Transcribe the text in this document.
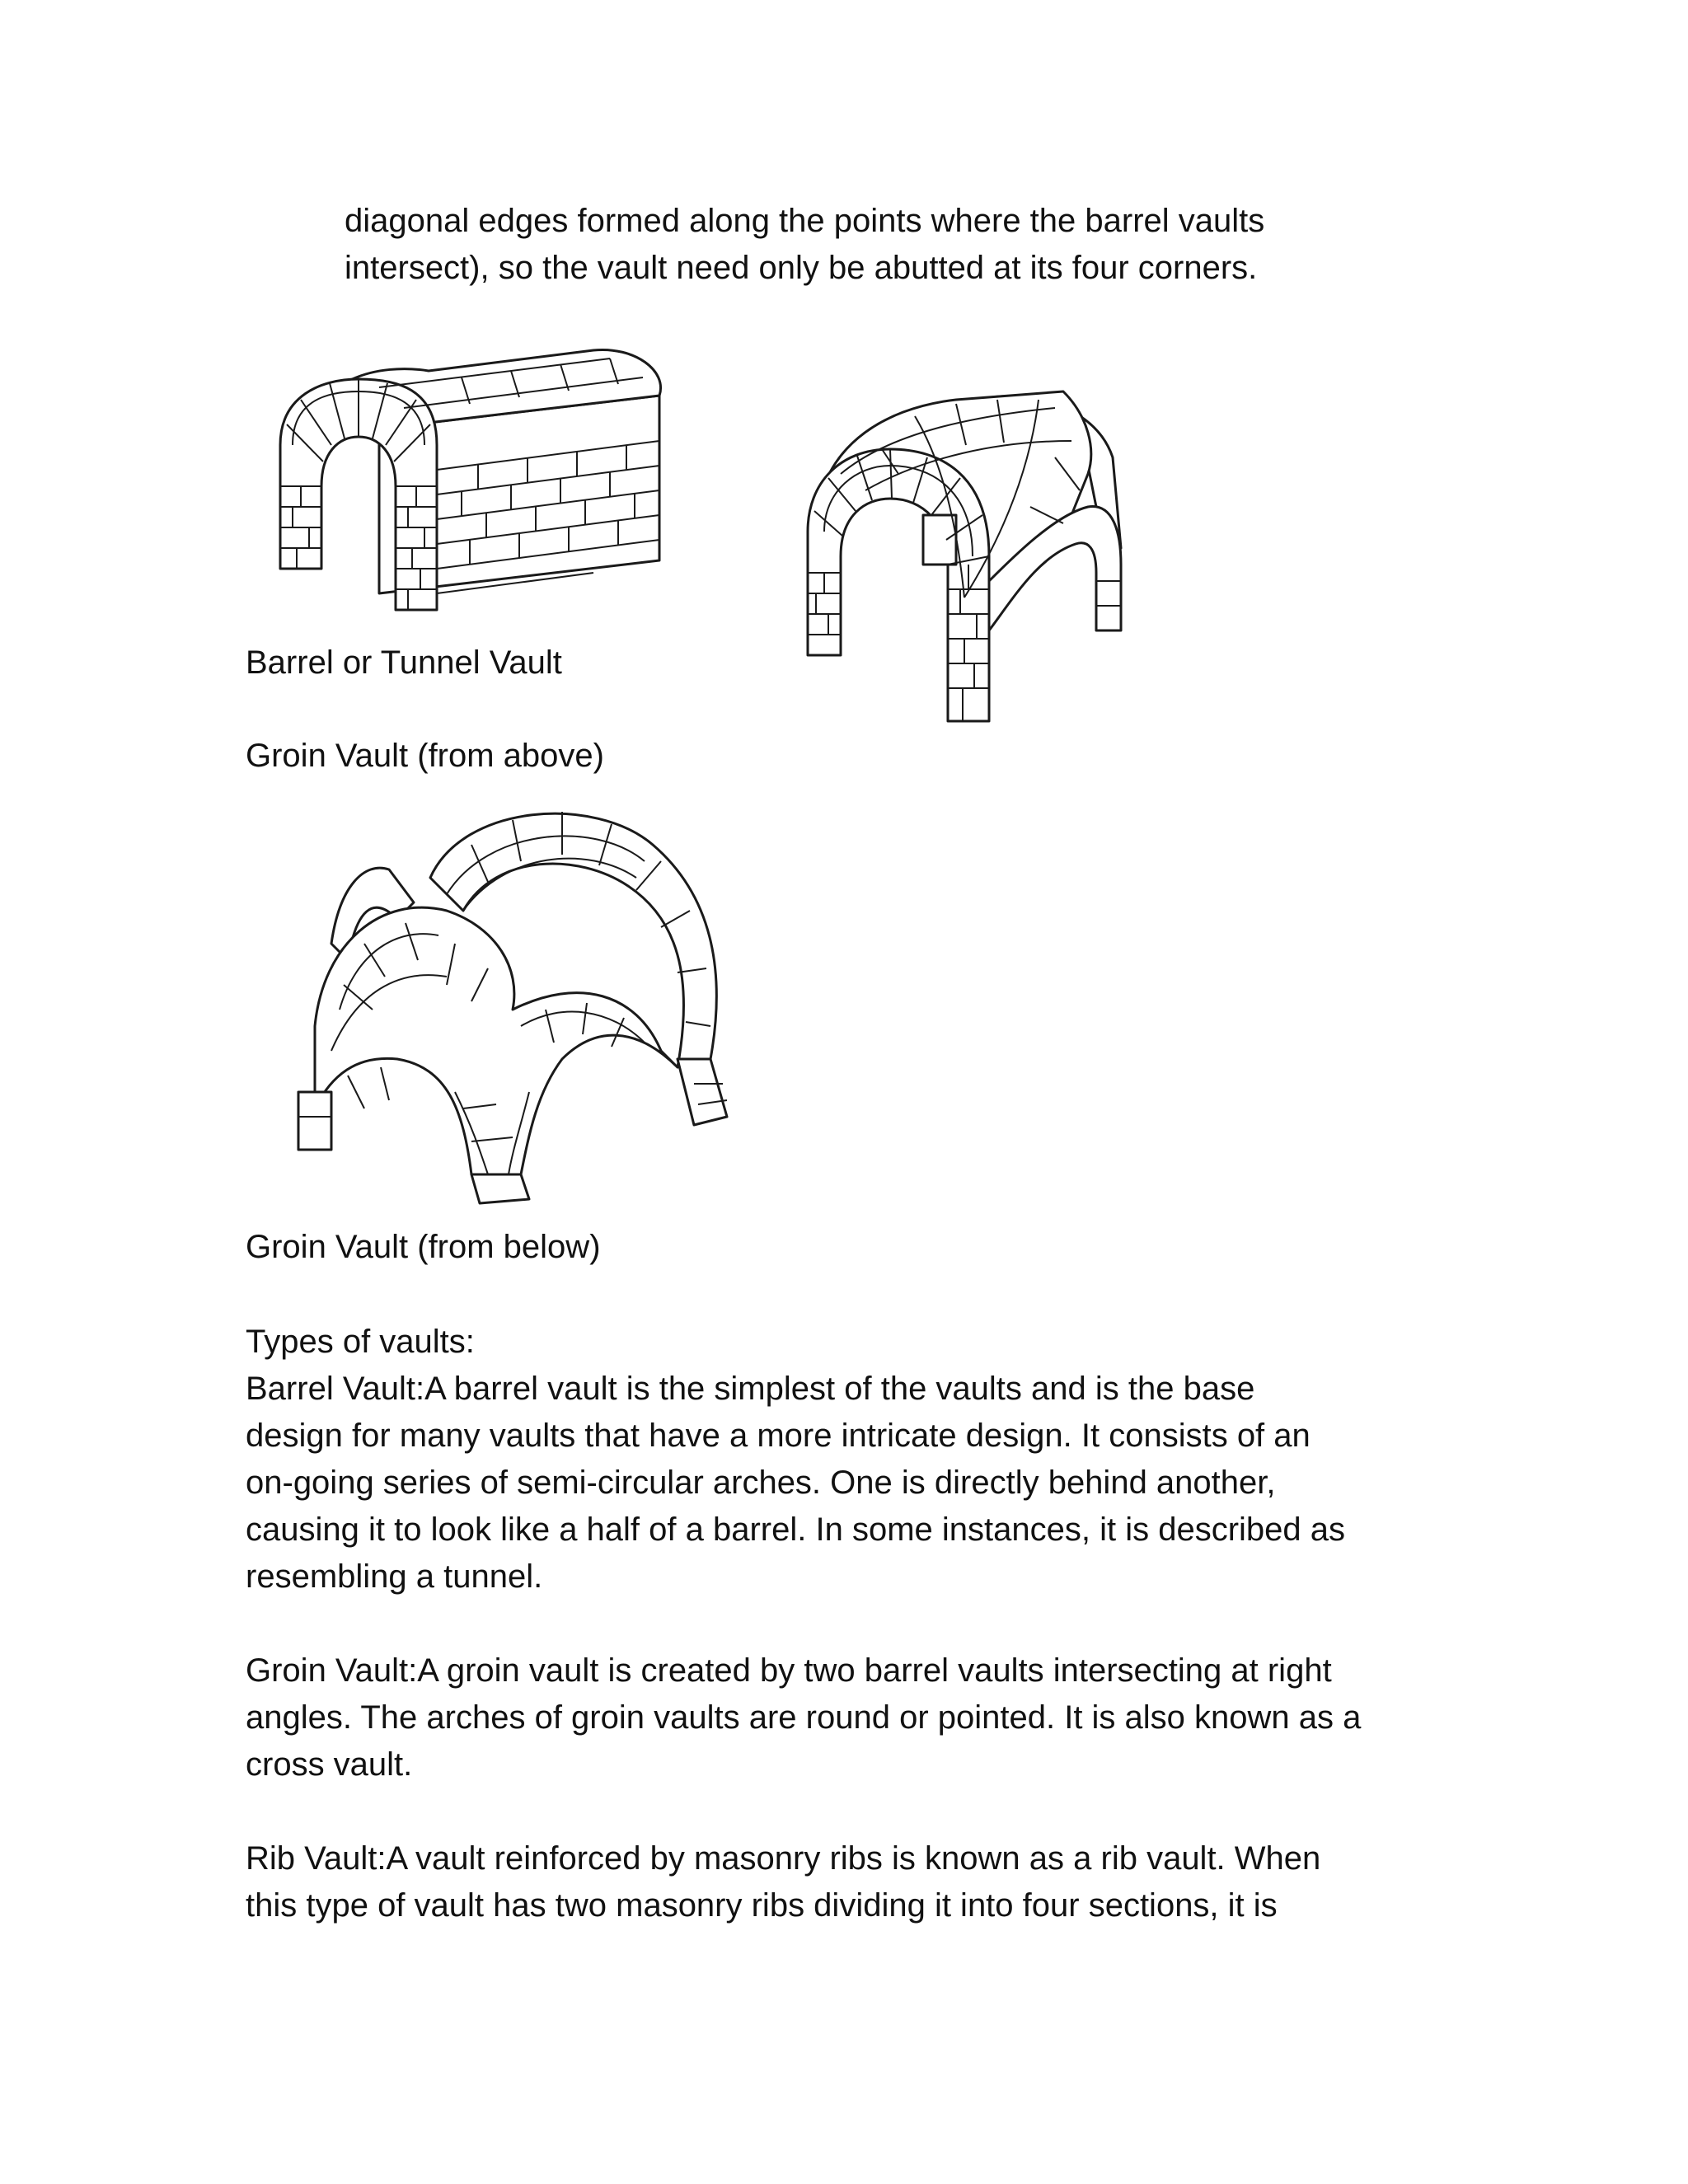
diagonal edges formed along the points where the barrel vaults
intersect), so the vault need only be abutted at its four corners.
Barrel or Tunnel Vault
Groin Vault (from above)
Groin Vault (from below)
Types of vaults:
Barrel Vault:A barrel vault is the simplest of the vaults and is the base
design for many vaults that have a more intricate design. It consists of an
on-going series of semi-circular arches. One is directly behind another,
causing it to look like a half of a barrel. In some instances, it is described as
resembling a tunnel.
Groin Vault:A groin vault is created by two barrel vaults intersecting at right
angles. The arches of groin vaults are round or pointed. It is also known as a
cross vault.
Rib Vault:A vault reinforced by masonry ribs is known as a rib vault. When
this type of vault has two masonry ribs dividing it into four sections, it is
